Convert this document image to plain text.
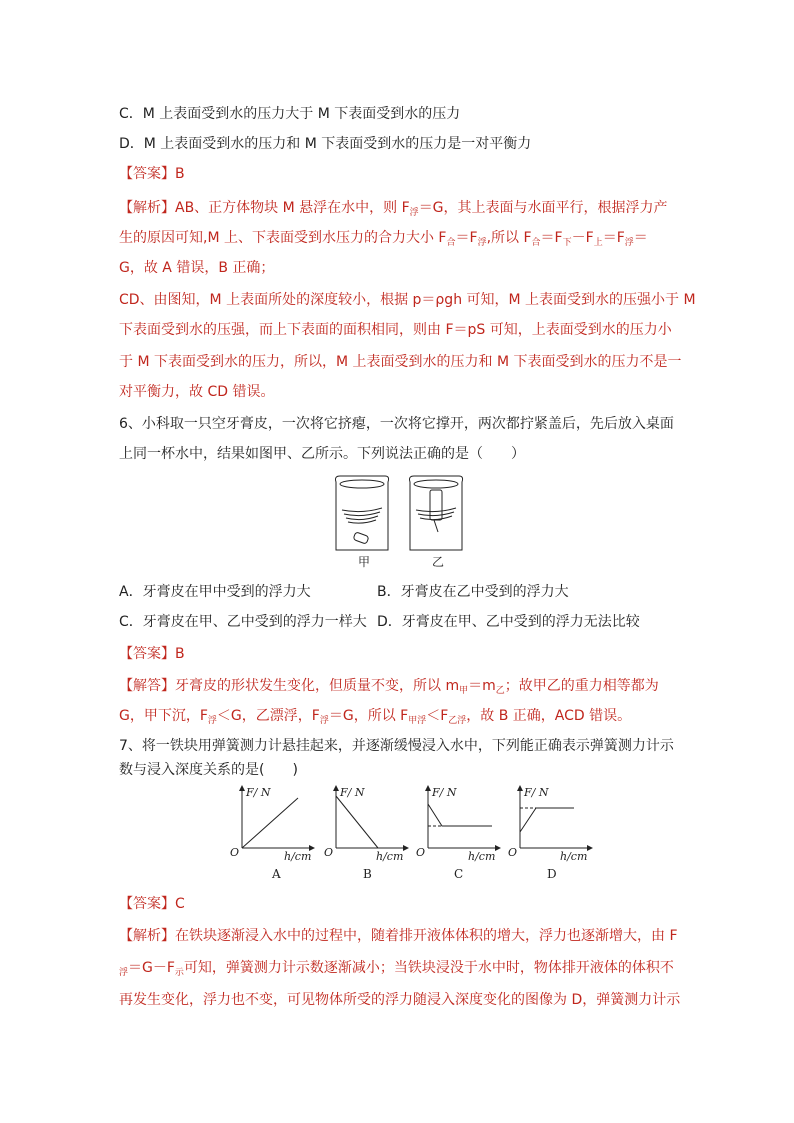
C．M 上表面受到水的压力大于 M 下表面受到水的压力
D．M 上表面受到水的压力和 M 下表面受到水的压力是一对平衡力
【答案】B
【解析】AB、正方体物块 M 悬浮在水中，则 $F_浮=G$，其上表面与水面平行，根据浮力产
生的原因可知,M 上、下表面受到水压力的合力大小 $F_合=F_浮$,所以 $F_合=F_下-F_上=F_浮=$
G，故 A 错误，B 正确；
CD、由图知，M 上表面所处的深度较小，根据 p＝ρgh 可知，M 上表面受到水的压强小于 M
下表面受到水的压强，而上下表面的面积相同，则由 F＝pS 可知，上表面受到水的压力小
于 M 下表面受到水的压力，所以，M 上表面受到水的压力和 M 下表面受到水的压力不是一
对平衡力，故 CD 错误。
6、小科取一只空牙膏皮，一次将它挤瘪，一次将它撑开，两次都拧紧盖后，先后放入桌面
上同一杯水中，结果如图甲、乙所示。下列说法正确的是（　　）
甲	乙
A．牙膏皮在甲中受到的浮力大	B．牙膏皮在乙中受到的浮力大
C．牙膏皮在甲、乙中受到的浮力一样大 D．牙膏皮在甲、乙中受到的浮力无法比较
【答案】B
【解答】牙膏皮的形状发生变化，但质量不变，所以 $m_甲=m_乙$；故甲乙的重力相等都为
G，甲下沉，$F_浮<G$，乙漂浮，$F_浮=G$，所以 $F_{甲浮}<F_{乙浮}$，故 B 正确，ACD 错误。
7、将一铁块用弹簧测力计悬挂起来，并逐渐缓慢浸入水中，下列能正确表示弹簧测力计示
数与浸入深度关系的是(　　)
F/ N
h/cm
O
A
F/ N
h/cm
O
B
F/ N
h/cm
O
C
F/ N
h/cm
O
D
【答案】C
【解析】在铁块逐渐浸入水中的过程中，随着排开液体体积的增大，浮力也逐渐增大，由 F
$_浮=G-F_示$可知，弹簧测力计示数逐渐减小；当铁块浸没于水中时，物体排开液体的体积不
再发生变化，浮力也不变，可见物体所受的浮力随浸入深度变化的图像为 D，弹簧测力计示
